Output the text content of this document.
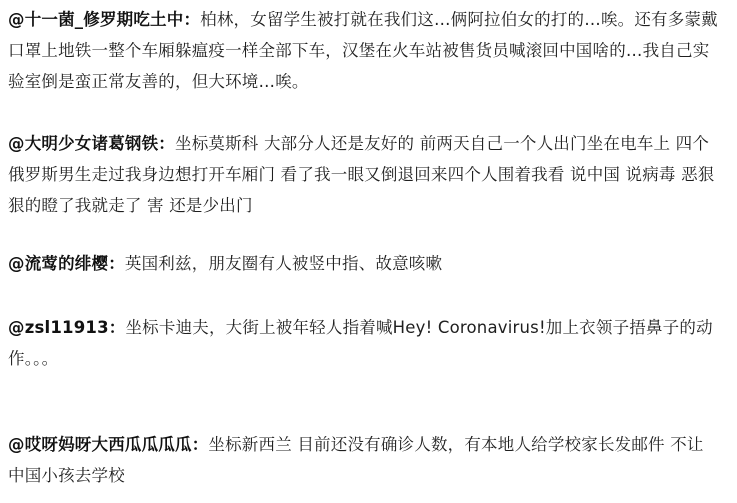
@十一菌_修罗期吃土中：柏林，女留学生被打就在我们这…俩阿拉伯女的打的…唉。还有多蒙戴口罩上地铁一整个车厢躲瘟疫一样全部下车，汉堡在火车站被售货员喊滚回中国啥的…我自己实验室倒是蛮正常友善的，但大环境…唉。
@大明少女诸葛钢铁：坐标莫斯科 大部分人还是友好的 前两天自己一个人出门坐在电车上 四个俄罗斯男生走过我身边想打开车厢门 看了我一眼又倒退回来四个人围着我看 说中国 说病毒 恶狠狠的瞪了我就走了 害 还是少出门
@流莺的绯樱：英国利兹，朋友圈有人被竖中指、故意咳嗽
@zsl11913：坐标卡迪夫，大街上被年轻人指着喊Hey! Coronavirus!加上衣领子捂鼻子的动作。。。
@哎呀妈呀大西瓜瓜瓜瓜：坐标新西兰 目前还没有确诊人数，有本地人给学校家长发邮件 不让中国小孩去学校
